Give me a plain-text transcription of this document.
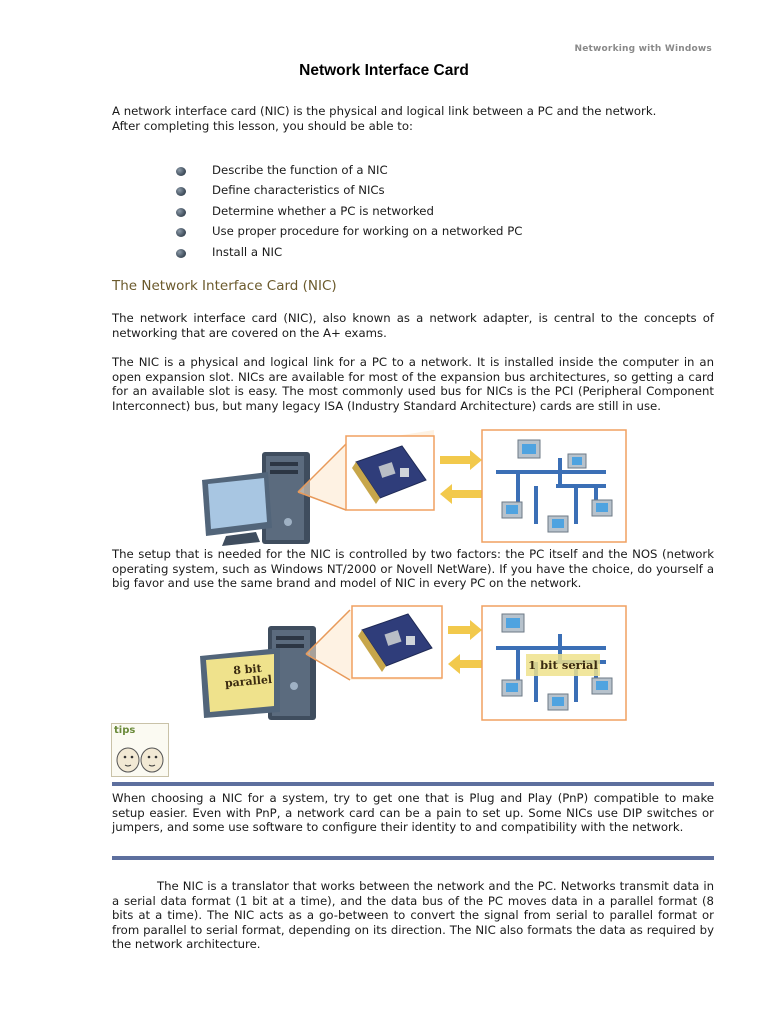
Networking with Windows
Network Interface Card

A network interface card (NIC) is the physical and logical link between a PC and the network.
After completing this lesson, you should be able to:

Describe the function of a NIC
Define characteristics of NICs
Determine whether a PC is networked
Use proper procedure for working on a networked PC
Install a NIC
The Network Interface Card (NIC)

The network interface card (NIC), also known as a network adapter, is central to the concepts of networking that are covered on the A+ exams.

The NIC is a physical and logical link for a PC to a network. It is installed inside the computer in an open expansion slot. NICs are available for most of the expansion bus architectures, so getting a card for an available slot is easy. The most commonly used bus for NICs is the PCI (Peripheral Component Interconnect) bus, but many legacy ISA (Industry Standard Architecture) cards are still in use.

The setup that is needed for the NIC is controlled by two factors: the PC itself and the NOS (network operating system, such as Windows NT/2000 or Novell NetWare). If you have the choice, do yourself a big favor and use the same brand and model of NIC in every PC on the network.

8 bit
parallel
1 bit serial
tips

When choosing a NIC for a system, try to get one that is Plug and Play (PnP) compatible to make setup easier. Even with PnP, a network card can be a pain to set up. Some NICs use DIP switches or jumpers, and some use software to configure their identity to and compatibility with the network.

The NIC is a translator that works between the network and the PC. Networks transmit data in a serial data format (1 bit at a time), and the data bus of the PC moves data in a parallel format (8 bits at a time). The NIC acts as a go-between to convert the signal from serial to parallel format or from parallel to serial format, depending on its direction. The NIC also formats the data as required by the network architecture.
